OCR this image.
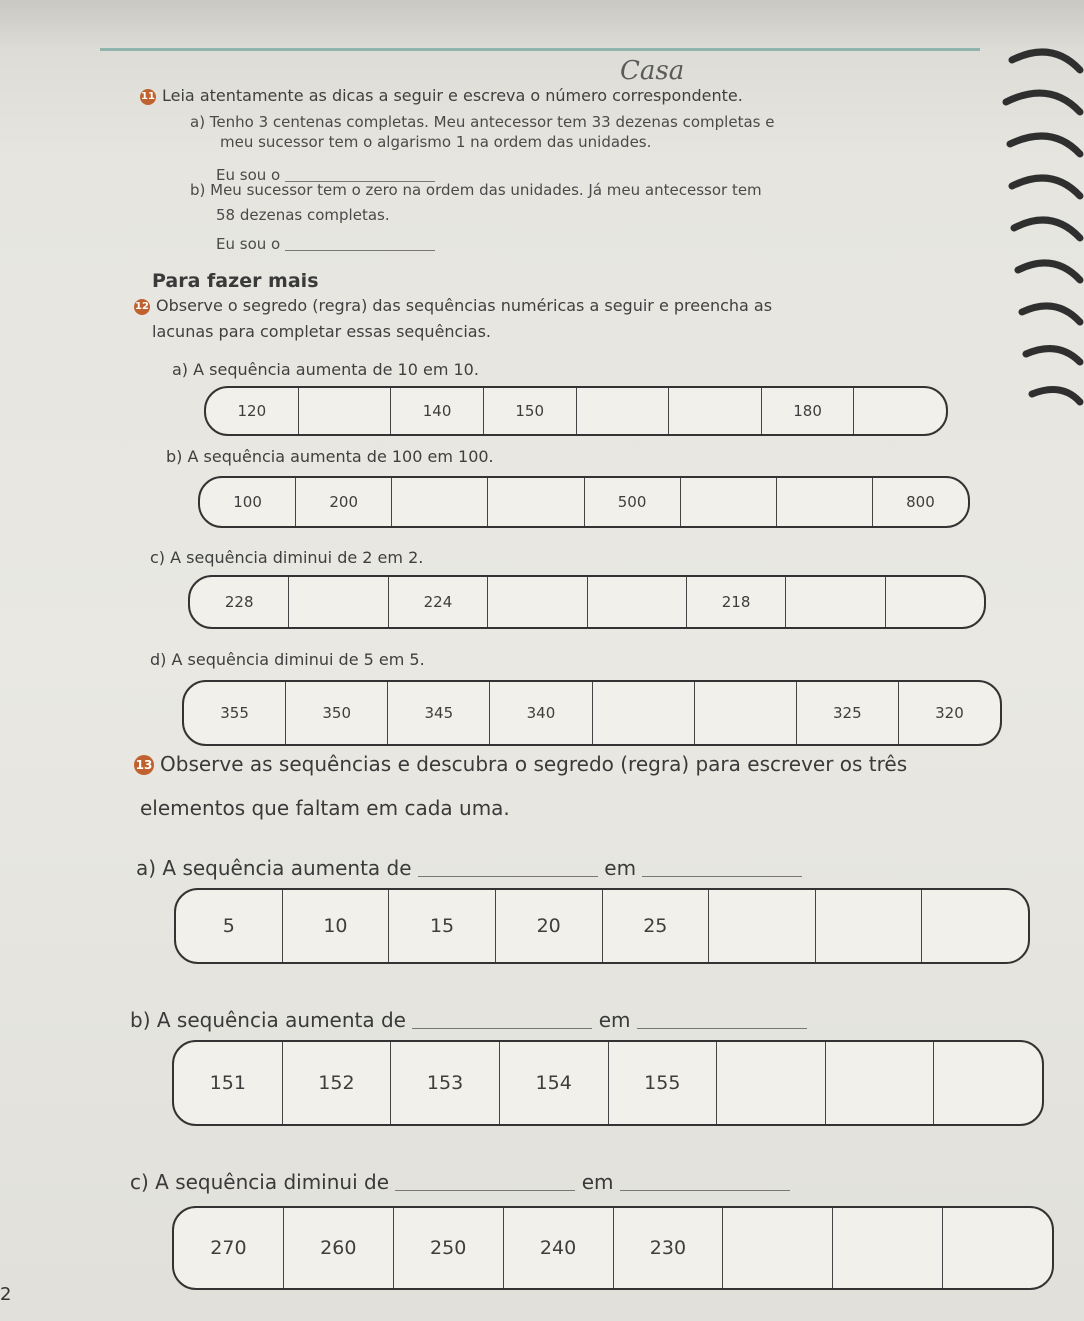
Casa
11 Leia atentamente as dicas a seguir e escreva o número correspondente.
a) Tenho 3 centenas completas. Meu antecessor tem 33 dezenas completas e
meu sucessor tem o algarismo 1 na ordem das unidades.
Eu sou o
b) Meu sucessor tem o zero na ordem das unidades. Já meu antecessor tem
58 dezenas completas.
Eu sou o
Para fazer mais
12 Observe o segredo (regra) das sequências numéricas a seguir e preencha as
lacunas para completar essas sequências.
a) A sequência aumenta de 10 em 10.
120	140	150	180
b) A sequência aumenta de 100 em 100.
100	200	500	800
c) A sequência diminui de 2 em 2.
228	224	218
d) A sequência diminui de 5 em 5.
355	350	345	340	325	320
13 Observe as sequências e descubra o segredo (regra) para escrever os três
elementos que faltam em cada uma.
a) A sequência aumenta de	em
5	10	15	20	25
b) A sequência aumenta de	em
151	152	153	154	155
c) A sequência diminui de	em
270	260	250	240	230
2
